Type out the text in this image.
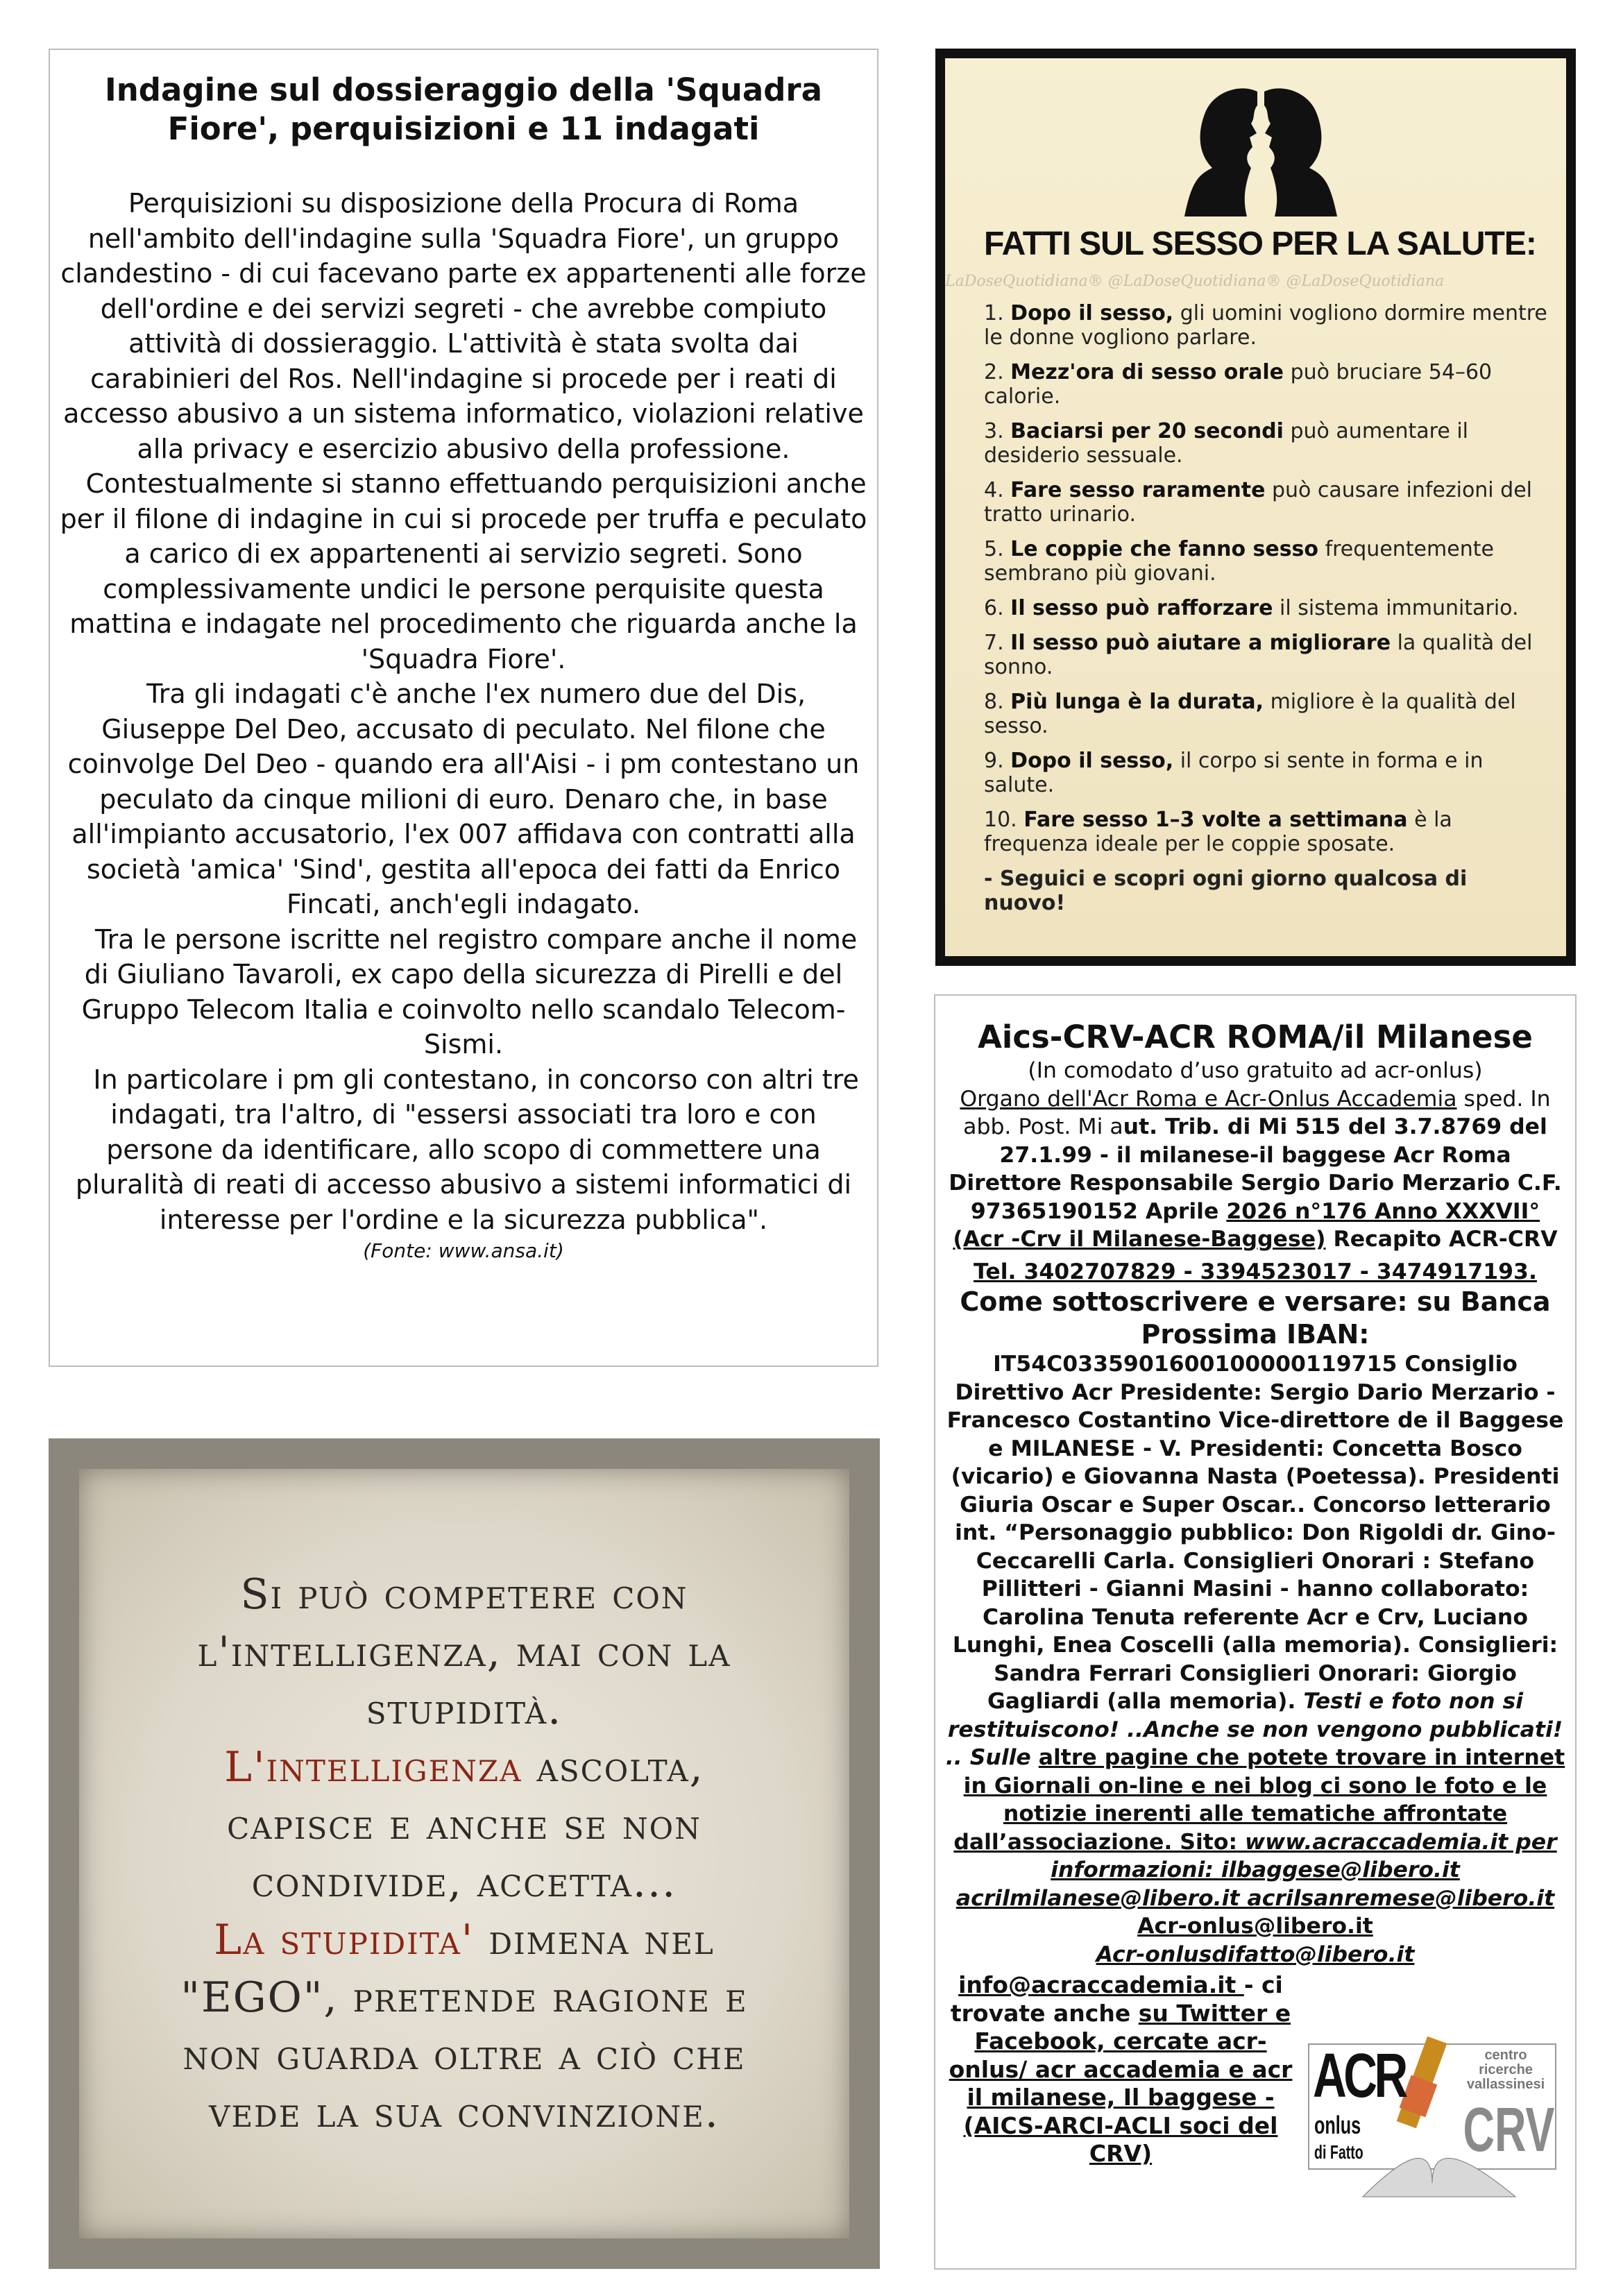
Indagine sul dossieraggio della 'Squadra Fiore', perquisizioni e 11 indagati

Perquisizioni su disposizione della Procura di Roma nell'ambito dell'indagine sulla 'Squadra Fiore', un gruppo clandestino - di cui facevano parte ex appartenenti alle forze dell'ordine e dei servizi segreti - che avrebbe compiuto attività di dossieraggio. L'attività è stata svolta dai carabinieri del Ros. Nell'indagine si procede per i reati di accesso abusivo a un sistema informatico, violazioni relative alla privacy e esercizio abusivo della professione.

Contestualmente si stanno effettuando perquisizioni anche per il filone di indagine in cui si procede per truffa e peculato a carico di ex appartenenti ai servizio segreti. Sono complessivamente undici le persone perquisite questa mattina e indagate nel procedimento che riguarda anche la 'Squadra Fiore'.

Tra gli indagati c'è anche l'ex numero due del Dis, Giuseppe Del Deo, accusato di peculato. Nel filone che coinvolge Del Deo - quando era all'Aisi - i pm contestano un peculato da cinque milioni di euro. Denaro che, in base all'impianto accusatorio, l'ex 007 affidava con contratti alla società 'amica' 'Sind', gestita all'epoca dei fatti da Enrico Fincati, anch'egli indagato.

Tra le persone iscritte nel registro compare anche il nome di Giuliano Tavaroli, ex capo della sicurezza di Pirelli e del Gruppo Telecom Italia e coinvolto nello scandalo Telecom-Sismi.

In particolare i pm gli contestano, in concorso con altri tre indagati, tra l'altro, di "essersi associati tra loro e con persone da identificare, allo scopo di commettere una pluralità di reati di accesso abusivo a sistemi informatici di interesse per l'ordine e la sicurezza pubblica".

(Fonte: www.ansa.it)

FATTI SUL SESSO PER LA SALUTE:
LaDoseQuotidiana® @LaDoseQuotidiana® @LaDoseQuotidiana
1. Dopo il sesso, gli uomini vogliono dormire mentre le donne vogliono parlare.
2. Mezz'ora di sesso orale può bruciare 54–60 calorie.
3. Baciarsi per 20 secondi può aumentare il desiderio sessuale.
4. Fare sesso raramente può causare infezioni del tratto urinario.
5. Le coppie che fanno sesso frequentemente sembrano più giovani.
6. Il sesso può rafforzare il sistema immunitario.
7. Il sesso può aiutare a migliorare la qualità del sonno.
8. Più lunga è la durata, migliore è la qualità del sesso.
9. Dopo il sesso, il corpo si sente in forma e in salute.
10. Fare sesso 1–3 volte a settimana è la frequenza ideale per le coppie sposate.
- Seguici e scopri ogni giorno qualcosa di nuovo!
Si può competere con
l'intelligenza, mai con la
stupidità.
L'intelligenza ascolta,
capisce e anche se non
condivide, accetta...
La stupidita' dimena nel
"EGO", pretende ragione e
non guarda oltre a ciò che
vede la sua convinzione.
Aics-CRV-ACR ROMA/il Milanese
(In comodato d’uso gratuito ad acr-onlus)
Organo dell'Acr Roma e Acr-Onlus Accademia sped. In abb. Post. Mi aut. Trib. di Mi 515 del 3.7.8769 del 27.1.99 - il milanese-il baggese Acr Roma Direttore Responsabile Sergio Dario Merzario C.F. 97365190152 Aprile 2026 n°176 Anno XXXVII° (Acr -Crv il Milanese-Baggese) Recapito ACR-CRV Tel. 3402707829 - 3394523017 - 3474917193. Come sottoscrivere e versare: su Banca Prossima IBAN: IT54C0335901600100000119715 Consiglio Direttivo Acr Presidente: Sergio Dario Merzario - Francesco Costantino Vice-direttore de il Baggese e MILANESE - V. Presidenti: Concetta Bosco (vicario) e Giovanna Nasta (Poetessa). Presidenti Giuria Oscar e Super Oscar.. Concorso letterario int. “Personaggio pubblico: Don Rigoldi dr. Gino- Ceccarelli Carla. Consiglieri Onorari : Stefano Pillitteri - Gianni Masini - hanno collaborato: Carolina Tenuta referente Acr e Crv, Luciano Lunghi, Enea Coscelli (alla memoria). Consiglieri: Sandra Ferrari Consiglieri Onorari: Giorgio Gagliardi (alla memoria). Testi e foto non si restituiscono! ..Anche se non vengono pubblicati! .. Sulle altre pagine che potete trovare in internet in Giornali on-line e nei blog ci sono le foto e le notizie inerenti alle tematiche affrontate dall’associazione. Sito: www.acraccademia.it per informazioni: ilbaggese@libero.it acrilmilanese@libero.it acrilsanremese@libero.it Acr-onlus@libero.it
Acr-onlusdifatto@libero.it
info@acraccademia.it - ci trovate anche su Twitter e Facebook, cercate acr-onlus/ acr accademia e acr il milanese, Il baggese - (AICS-ARCI-ACLI soci del CRV)
ACR
onlus
di Fatto
centro ricerche vallassinesi
CRV
